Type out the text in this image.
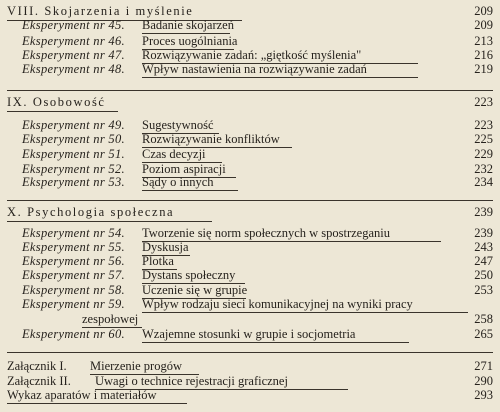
VIII. Skojarzenia i myślenie	209
Eksperyment nr 45. Badanie skojarzeń	209
Eksperyment nr 46. Proces uogólniania	213
Eksperyment nr 47. Rozwiązywanie zadań: „giętkość myślenia"	216
Eksperyment nr 48. Wpływ nastawienia na rozwiązywanie zadań	219
IX. Osobowość	223
Eksperyment nr 49. Sugestywność	223
Eksperyment nr 50. Rozwiązywanie konfliktów	225
Eksperyment nr 51. Czas decyzji	229
Eksperyment nr 52. Poziom aspiracji	232
Eksperyment nr 53. Sądy o innych	234
X. Psychologia społeczna	239
Eksperyment nr 54. Tworzenie się norm społecznych w spostrzeganiu	239
Eksperyment nr 55. Dyskusja	243
Eksperyment nr 56. Plotka	247
Eksperyment nr 57. Dystans społeczny	250
Eksperyment nr 58. Uczenie się w grupie	253
Eksperyment nr 59. Wpływ rodzaju sieci komunikacyjnej na wyniki pracy
zespołowej	258
Eksperyment nr 60. Wzajemne stosunki w grupie i socjometria	265
Załącznik I. Mierzenie progów	271
Załącznik II. Uwagi o technice rejestracji graficznej	290
Wykaz aparatów i materiałów	293
